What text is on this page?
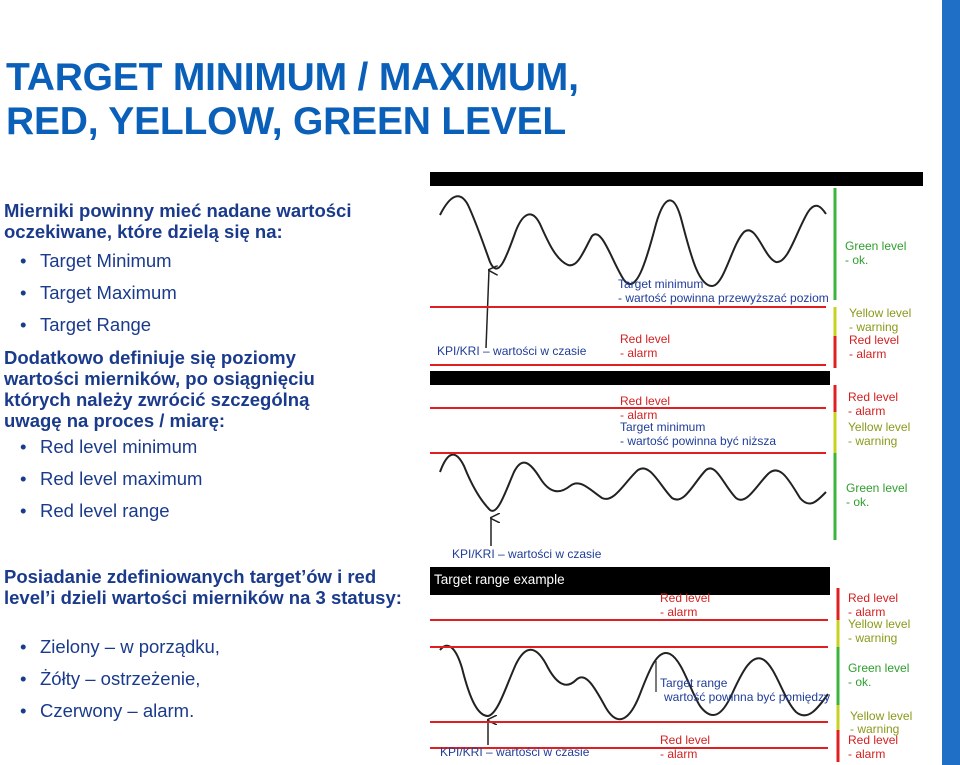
TARGET MINIMUM / MAXIMUM,
RED, YELLOW, GREEN LEVEL
Mierniki powinny mieć nadane wartości oczekiwane, które dzielą się na:
• Target Minimum
• Target Maximum
• Target Range
Dodatkowo definiuje się poziomy wartości mierników, po osiągnięciu których należy zwrócić szczególną uwagę na proces / miarę:
• Red level minimum
• Red level maximum
• Red level range
Posiadanie zdefiniowanych target’ów i red level’i dzieli wartości mierników na 3 statusy:
• Zielony – w porządku,
• Żółty – ostrzeżenie,
• Czerwony – alarm.
KPI/KRI – wartości w czasie
Target minimum
- wartość powinna przewyższać poziom
Red level
- alarm
Green level
- ok.
Yellow level
- warning
Red level
- alarm
Red level
- alarm
Target minimum
- wartość powinna być niższa
KPI/KRI – wartości w czasie
Red level
- alarm
Yellow level
- warning
Green level
- ok.
Target range example
Red level
- alarm
Target range
wartość powinna być pomiędzy
Red level
- alarm
KPI/KRI – wartości w czasie
Red level
- alarm
Yellow level
- warning
Green level
- ok.
Yellow level
- warning
Red level
- alarm
